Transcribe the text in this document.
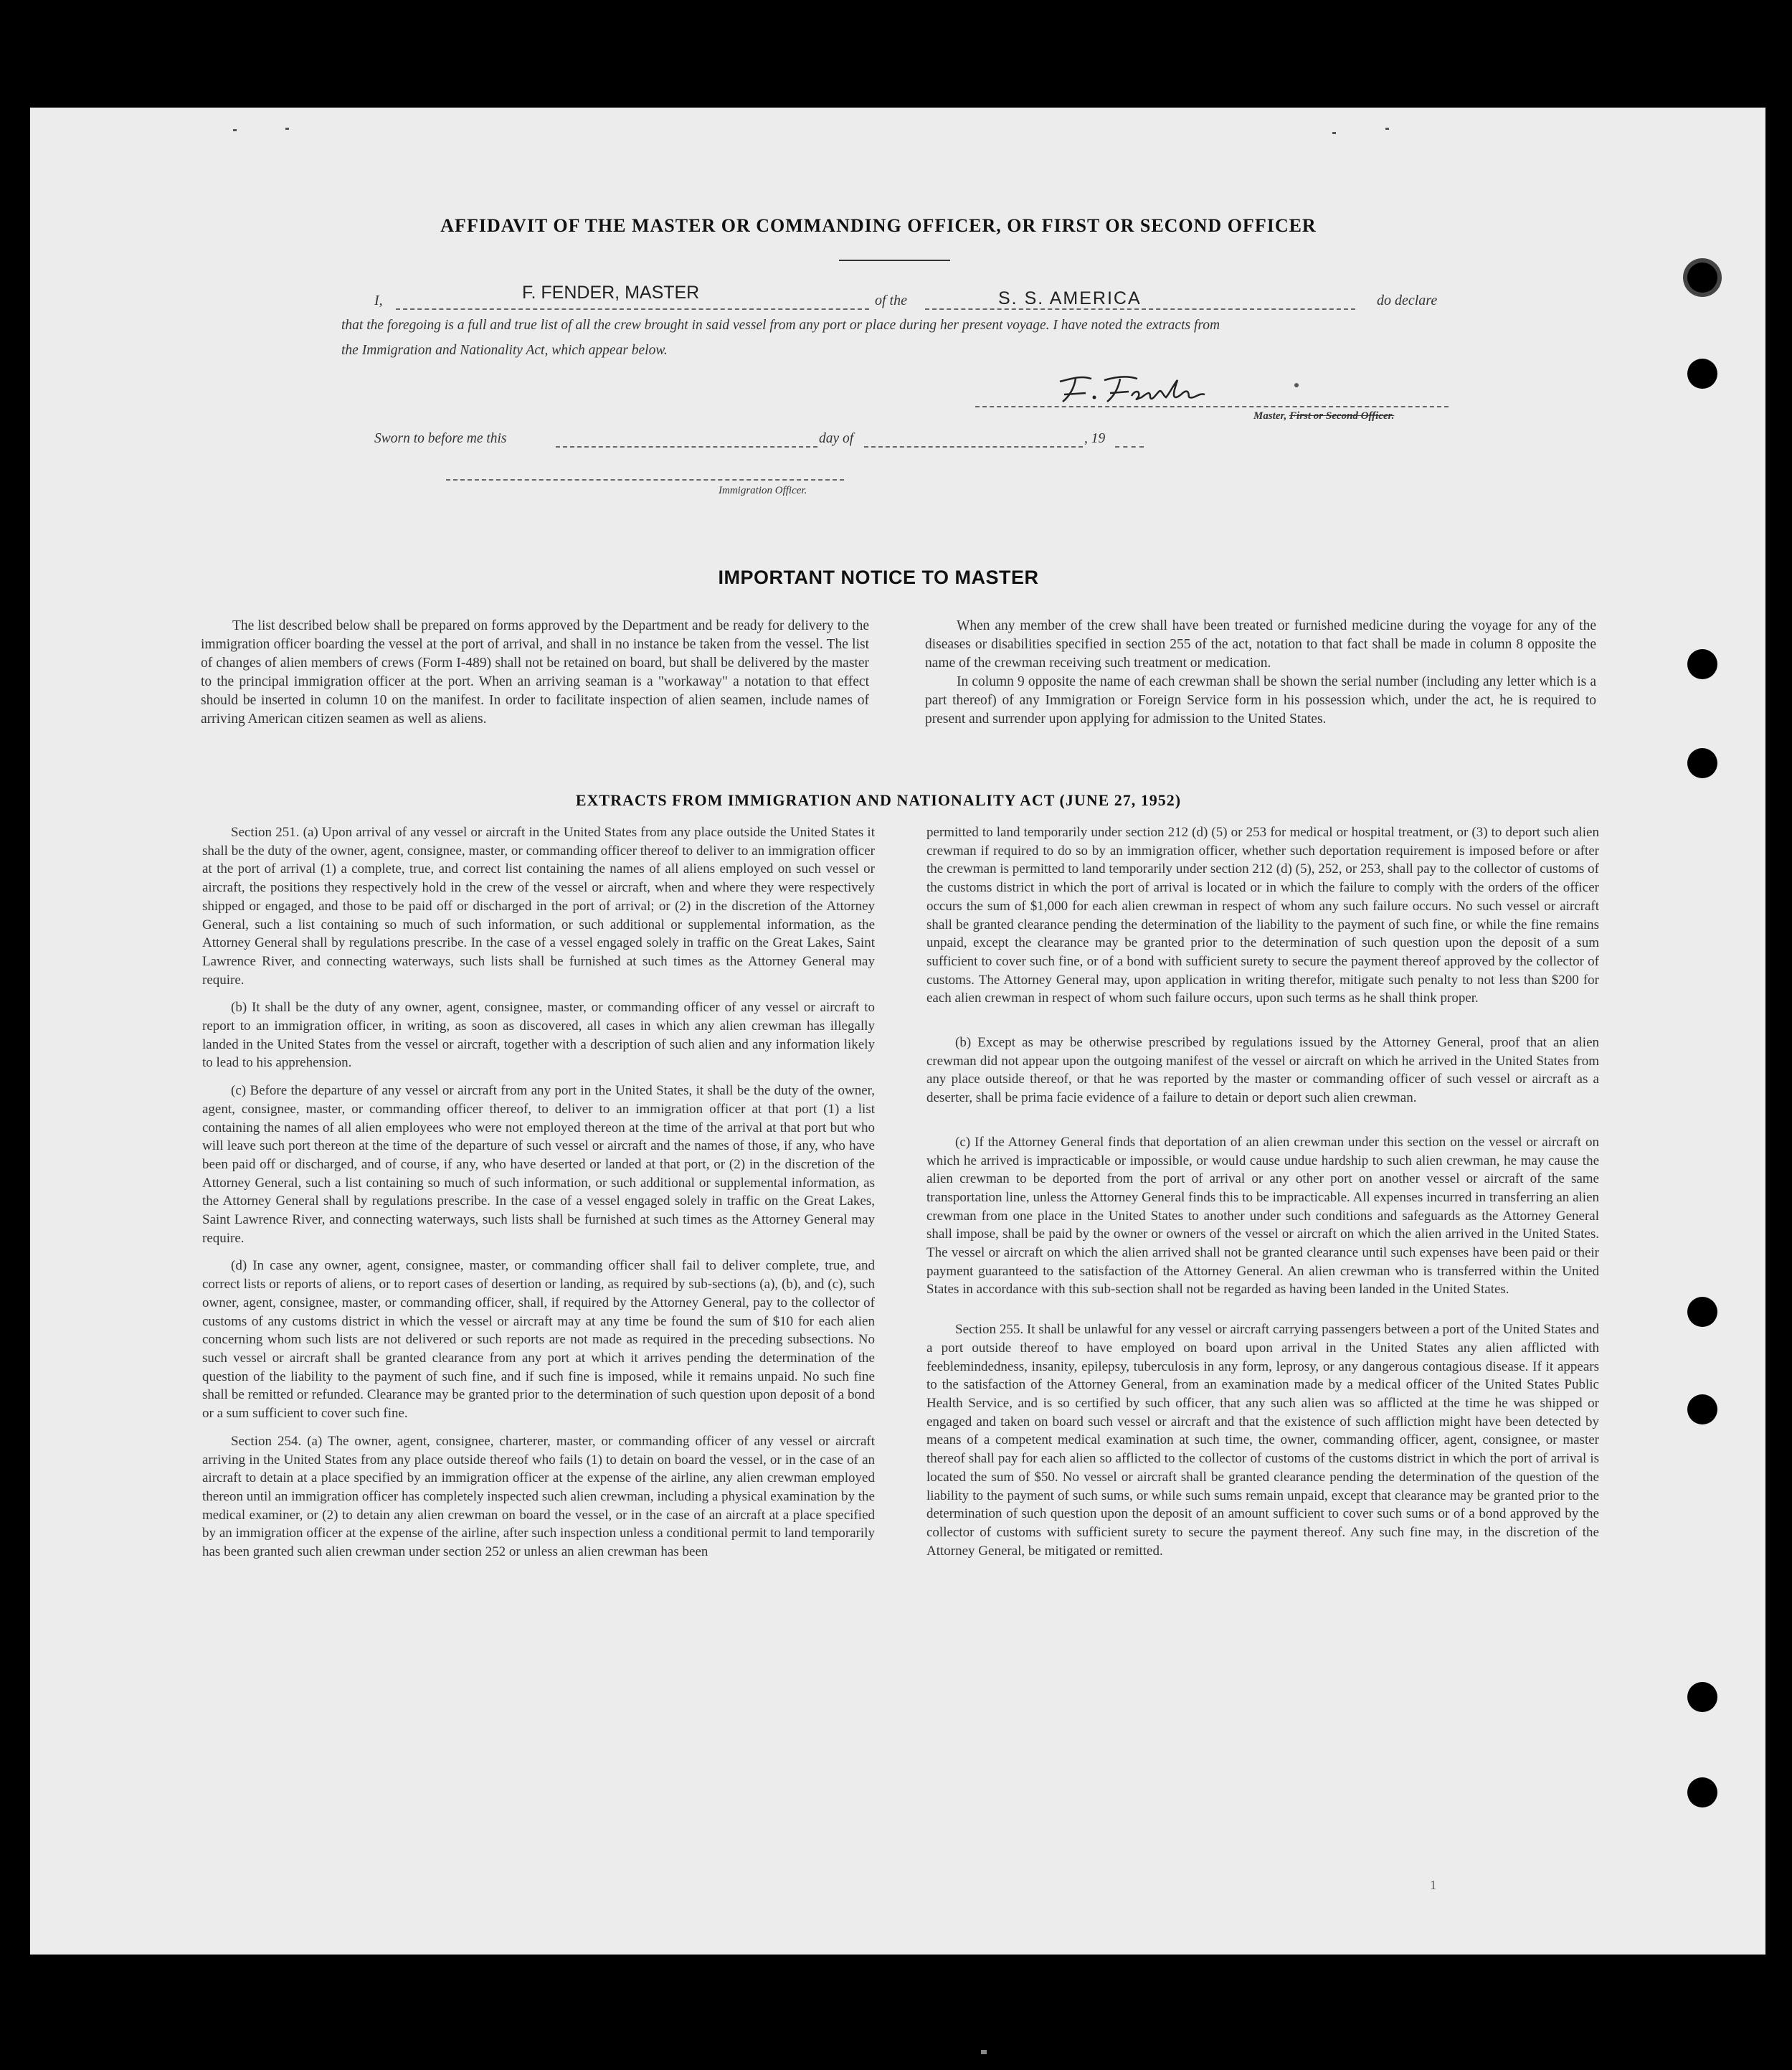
AFFIDAVIT OF THE MASTER OR COMMANDING OFFICER, OR FIRST OR SECOND OFFICER
I,	F. FENDER, MASTER	of the	S. S. AMERICA	do declare
that the foregoing is a full and true list of all the crew brought in said vessel from any port or place during her present voyage. I have noted the extracts from
the Immigration and Nationality Act, which appear below.
Master, First or Second Officer.
Sworn to before me this	day of	, 19
Immigration Officer.
IMPORTANT NOTICE TO MASTER

The list described below shall be prepared on forms approved by the Department and be ready for delivery to the immigration officer boarding the vessel at the port of arrival, and shall in no instance be taken from the vessel. The list of changes of alien members of crews (Form I-489) shall not be retained on board, but shall be delivered by the master to the principal immigration officer at the port. When an arriving seaman is a "workaway" a notation to that effect should be inserted in column 10 on the manifest. In order to facilitate inspection of alien seamen, include names of arriving American citizen seamen as well as aliens.

When any member of the crew shall have been treated or furnished medicine during the voyage for any of the diseases or disabilities specified in section 255 of the act, notation to that fact shall be made in column 8 opposite the name of the crewman receiving such treatment or medication.

In column 9 opposite the name of each crewman shall be shown the serial number (including any letter which is a part thereof) of any Immigration or Foreign Service form in his possession which, under the act, he is required to present and surrender upon applying for admission to the United States.

EXTRACTS FROM IMMIGRATION AND NATIONALITY ACT (JUNE 27, 1952)

Section 251. (a) Upon arrival of any vessel or aircraft in the United States from any place outside the United States it shall be the duty of the owner, agent, consignee, master, or commanding officer thereof to deliver to an immigration officer at the port of arrival (1) a complete, true, and correct list containing the names of all aliens employed on such vessel or aircraft, the positions they respectively hold in the crew of the vessel or aircraft, when and where they were respectively shipped or engaged, and those to be paid off or discharged in the port of arrival; or (2) in the discretion of the Attorney General, such a list containing so much of such information, or such additional or supplemental information, as the Attorney General shall by regulations prescribe. In the case of a vessel engaged solely in traffic on the Great Lakes, Saint Lawrence River, and connecting waterways, such lists shall be furnished at such times as the Attorney General may require.

(b) It shall be the duty of any owner, agent, consignee, master, or commanding officer of any vessel or aircraft to report to an immigration officer, in writing, as soon as discovered, all cases in which any alien crewman has illegally landed in the United States from the vessel or aircraft, together with a description of such alien and any information likely to lead to his apprehension.

(c) Before the departure of any vessel or aircraft from any port in the United States, it shall be the duty of the owner, agent, consignee, master, or commanding officer thereof, to deliver to an immigration officer at that port (1) a list containing the names of all alien employees who were not employed thereon at the time of the arrival at that port but who will leave such port thereon at the time of the departure of such vessel or aircraft and the names of those, if any, who have been paid off or discharged, and of course, if any, who have deserted or landed at that port, or (2) in the discretion of the Attorney General, such a list containing so much of such information, or such additional or supplemental information, as the Attorney General shall by regulations prescribe. In the case of a vessel engaged solely in traffic on the Great Lakes, Saint Lawrence River, and connecting waterways, such lists shall be furnished at such times as the Attorney General may require.

(d) In case any owner, agent, consignee, master, or commanding officer shall fail to deliver complete, true, and correct lists or reports of aliens, or to report cases of desertion or landing, as required by sub-sections (a), (b), and (c), such owner, agent, consignee, master, or commanding officer, shall, if required by the Attorney General, pay to the collector of customs of any customs district in which the vessel or aircraft may at any time be found the sum of $10 for each alien concerning whom such lists are not delivered or such reports are not made as required in the preceding subsections. No such vessel or aircraft shall be granted clearance from any port at which it arrives pending the determination of the question of the liability to the payment of such fine, and if such fine is imposed, while it remains unpaid. No such fine shall be remitted or refunded. Clearance may be granted prior to the determination of such question upon deposit of a bond or a sum sufficient to cover such fine.

Section 254. (a) The owner, agent, consignee, charterer, master, or commanding officer of any vessel or aircraft arriving in the United States from any place outside thereof who fails (1) to detain on board the vessel, or in the case of an aircraft to detain at a place specified by an immigration officer at the expense of the airline, any alien crewman employed thereon until an immigration officer has completely inspected such alien crewman, including a physical examination by the medical examiner, or (2) to detain any alien crewman on board the vessel, or in the case of an aircraft at a place specified by an immigration officer at the expense of the airline, after such inspection unless a conditional permit to land temporarily has been granted such alien crewman under section 252 or unless an alien crewman has been

permitted to land temporarily under section 212 (d) (5) or 253 for medical or hospital treatment, or (3) to deport such alien crewman if required to do so by an immigration officer, whether such deportation requirement is imposed before or after the crewman is permitted to land temporarily under section 212 (d) (5), 252, or 253, shall pay to the collector of customs of the customs district in which the port of arrival is located or in which the failure to comply with the orders of the officer occurs the sum of $1,000 for each alien crewman in respect of whom any such failure occurs. No such vessel or aircraft shall be granted clearance pending the determination of the liability to the payment of such fine, or while the fine remains unpaid, except the clearance may be granted prior to the determination of such question upon the deposit of a sum sufficient to cover such fine, or of a bond with sufficient surety to secure the payment thereof approved by the collector of customs. The Attorney General may, upon application in writing therefor, mitigate such penalty to not less than $200 for each alien crewman in respect of whom such failure occurs, upon such terms as he shall think proper.

(b) Except as may be otherwise prescribed by regulations issued by the Attorney General, proof that an alien crewman did not appear upon the outgoing manifest of the vessel or aircraft on which he arrived in the United States from any place outside thereof, or that he was reported by the master or commanding officer of such vessel or aircraft as a deserter, shall be prima facie evidence of a failure to detain or deport such alien crewman.

(c) If the Attorney General finds that deportation of an alien crewman under this section on the vessel or aircraft on which he arrived is impracticable or impossible, or would cause undue hardship to such alien crewman, he may cause the alien crewman to be deported from the port of arrival or any other port on another vessel or aircraft of the same transportation line, unless the Attorney General finds this to be impracticable. All expenses incurred in transferring an alien crewman from one place in the United States to another under such conditions and safeguards as the Attorney General shall impose, shall be paid by the owner or owners of the vessel or aircraft on which the alien arrived in the United States. The vessel or aircraft on which the alien arrived shall not be granted clearance until such expenses have been paid or their payment guaranteed to the satisfaction of the Attorney General. An alien crewman who is transferred within the United States in accordance with this sub-section shall not be regarded as having been landed in the United States.

Section 255. It shall be unlawful for any vessel or aircraft carrying passengers between a port of the United States and a port outside thereof to have employed on board upon arrival in the United States any alien afflicted with feeblemindedness, insanity, epilepsy, tuberculosis in any form, leprosy, or any dangerous contagious disease. If it appears to the satisfaction of the Attorney General, from an examination made by a medical officer of the United States Public Health Service, and is so certified by such officer, that any such alien was so afflicted at the time he was shipped or engaged and taken on board such vessel or aircraft and that the existence of such affliction might have been detected by means of a competent medical examination at such time, the owner, commanding officer, agent, consignee, or master thereof shall pay for each alien so afflicted to the collector of customs of the customs district in which the port of arrival is located the sum of $50. No vessel or aircraft shall be granted clearance pending the determination of the question of the liability to the payment of such sums, or while such sums remain unpaid, except that clearance may be granted prior to the determination of such question upon the deposit of an amount sufficient to cover such sums or of a bond approved by the collector of customs with sufficient surety to secure the payment thereof. Any such fine may, in the discretion of the Attorney General, be mitigated or remitted.

1
